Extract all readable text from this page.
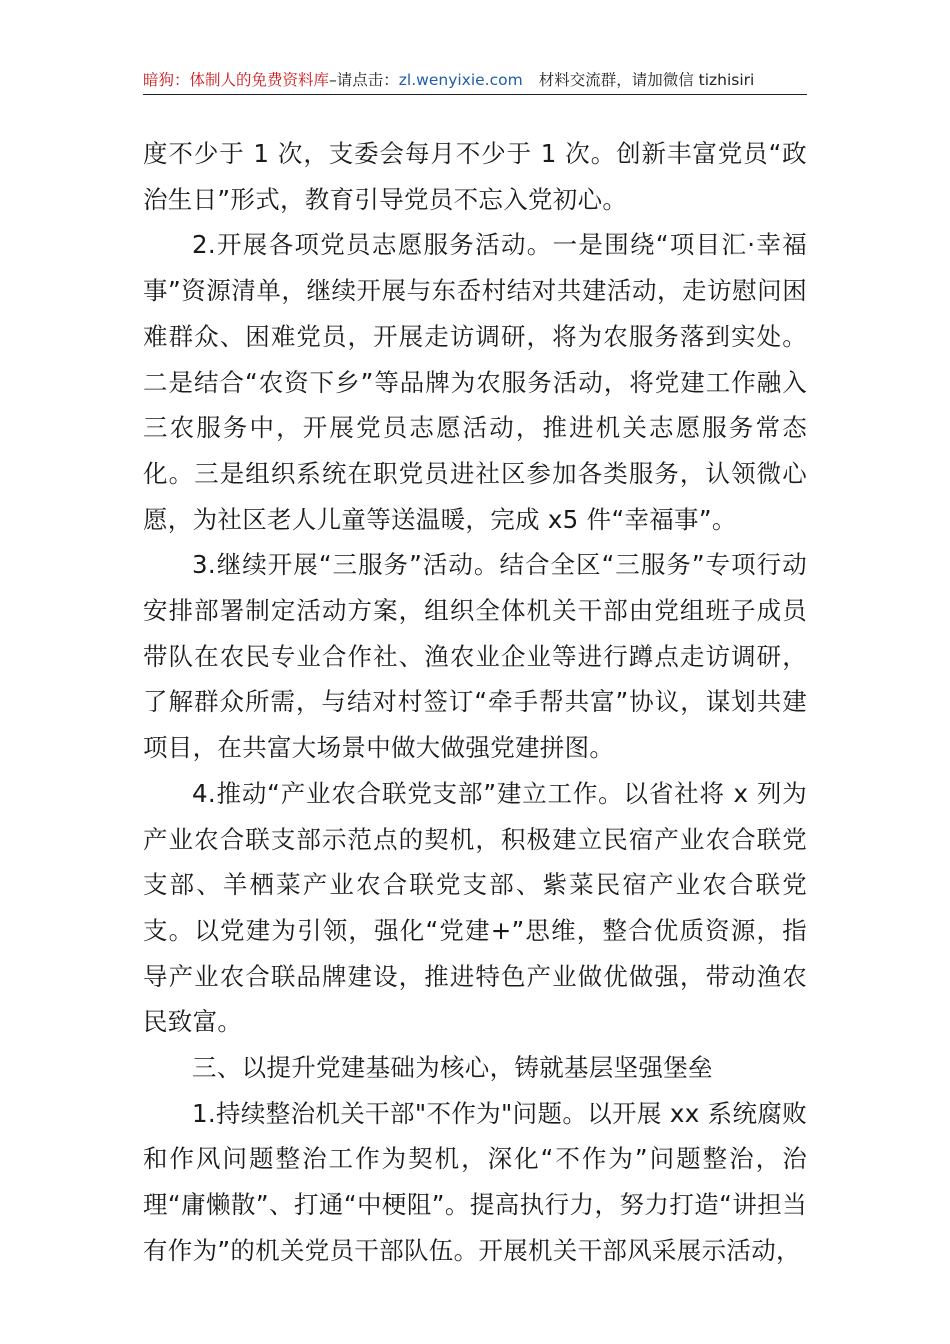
暗狗：体制人的免费资料库–请点击：zl.wenyixie.com 材料交流群，请加微信 tizhisiri

度不少于 1 次，支委会每月不少于 1 次。创新丰富党员“政治生日”形式，教育引导党员不忘入党初心。

2.开展各项党员志愿服务活动。一是围绕“项目汇·幸福事”资源清单，继续开展与东岙村结对共建活动，走访慰问困难群众、困难党员，开展走访调研，将为农服务落到实处。二是结合“农资下乡”等品牌为农服务活动，将党建工作融入三农服务中，开展党员志愿活动，推进机关志愿服务常态化。三是组织系统在职党员进社区参加各类服务，认领微心愿，为社区老人儿童等送温暖，完成 x5 件“幸福事”。

3.继续开展“三服务”活动。结合全区“三服务”专项行动安排部署制定活动方案，组织全体机关干部由党组班子成员带队在农民专业合作社、渔农业企业等进行蹲点走访调研，了解群众所需，与结对村签订“牵手帮共富”协议，谋划共建项目，在共富大场景中做大做强党建拼图。

4.推动“产业农合联党支部”建立工作。以省社将 x 列为产业农合联支部示范点的契机，积极建立民宿产业农合联党支部、羊栖菜产业农合联党支部、紫菜民宿产业农合联党支。以党建为引领，强化“党建+”思维，整合优质资源，指导产业农合联品牌建设，推进特色产业做优做强，带动渔农民致富。

三、以提升党建基础为核心，铸就基层坚强堡垒

1.持续整治机关干部"不作为"问题。以开展 xx 系统腐败和作风问题整治工作为契机，深化“不作为”问题整治，治理“庸懒散”、打通“中梗阻”。提高执行力，努力打造“讲担当有作为”的机关党员干部队伍。开展机关干部风采展示活动，
